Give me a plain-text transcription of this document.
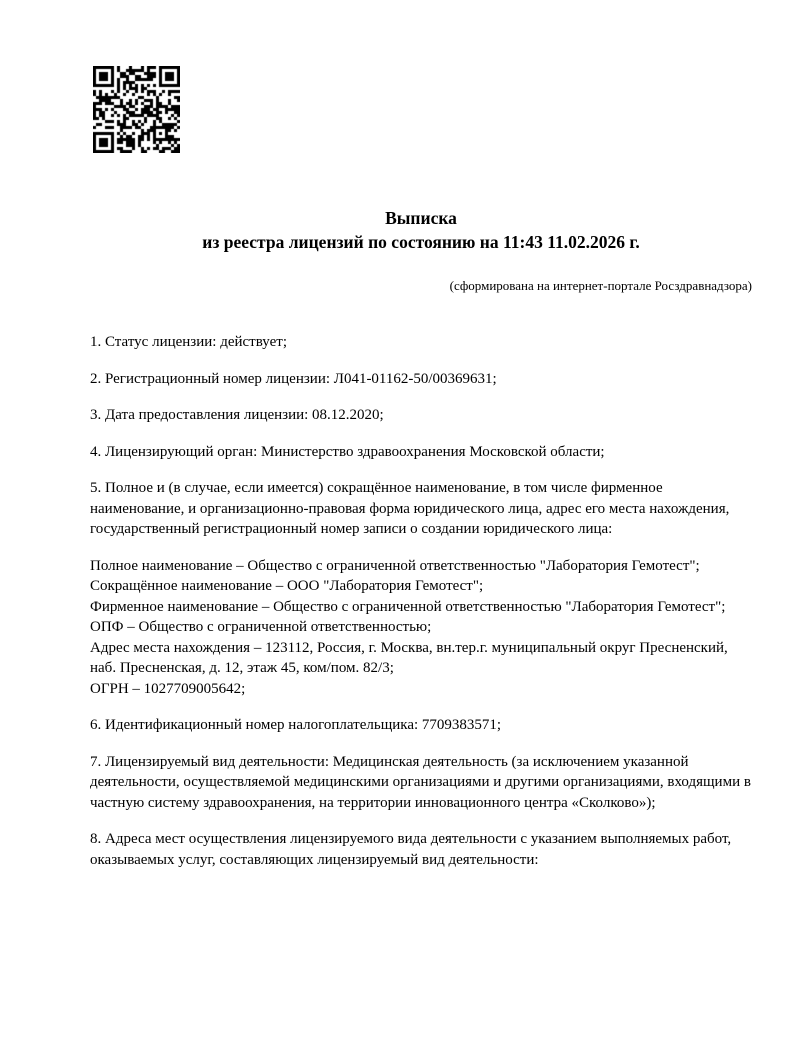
Выписка
из реестра лицензий по состоянию на 11:43 11.02.2026 г.
(сформирована на интернет-портале Росздравнадзора)

1. Статус лицензии: действует;

2. Регистрационный номер лицензии: Л041-01162-50/00369631;

3. Дата предоставления лицензии: 08.12.2020;

4. Лицензирующий орган: Министерство здравоохранения Московской области;

5. Полное и (в случае, если имеется) сокращённое наименование, в том числе фирменное наименование, и организационно-правовая форма юридического лица, адрес его места нахождения, государственный регистрационный номер записи о создании юридического лица:

Полное наименование – Общество с ограниченной ответственностью "Лаборатория Гемотест";

Сокращённое наименование – ООО "Лаборатория Гемотест";

Фирменное наименование – Общество с ограниченной ответственностью "Лаборатория Гемотест";

ОПФ – Общество с ограниченной ответственностью;

Адрес места нахождения – 123112, Россия, г. Москва, вн.тер.г. муниципальный округ Пресненский, наб. Пресненская, д. 12, этаж 45, ком/пом. 82/3;

ОГРН – 1027709005642;

6. Идентификационный номер налогоплательщика: 7709383571;

7. Лицензируемый вид деятельности: Медицинская деятельность (за исключением указанной деятельности, осуществляемой медицинскими организациями и другими организациями, входящими в частную систему здравоохранения, на территории инновационного центра «Сколково»);

8. Адреса мест осуществления лицензируемого вида деятельности с указанием выполняемых работ, оказываемых услуг, составляющих лицензируемый вид деятельности:
